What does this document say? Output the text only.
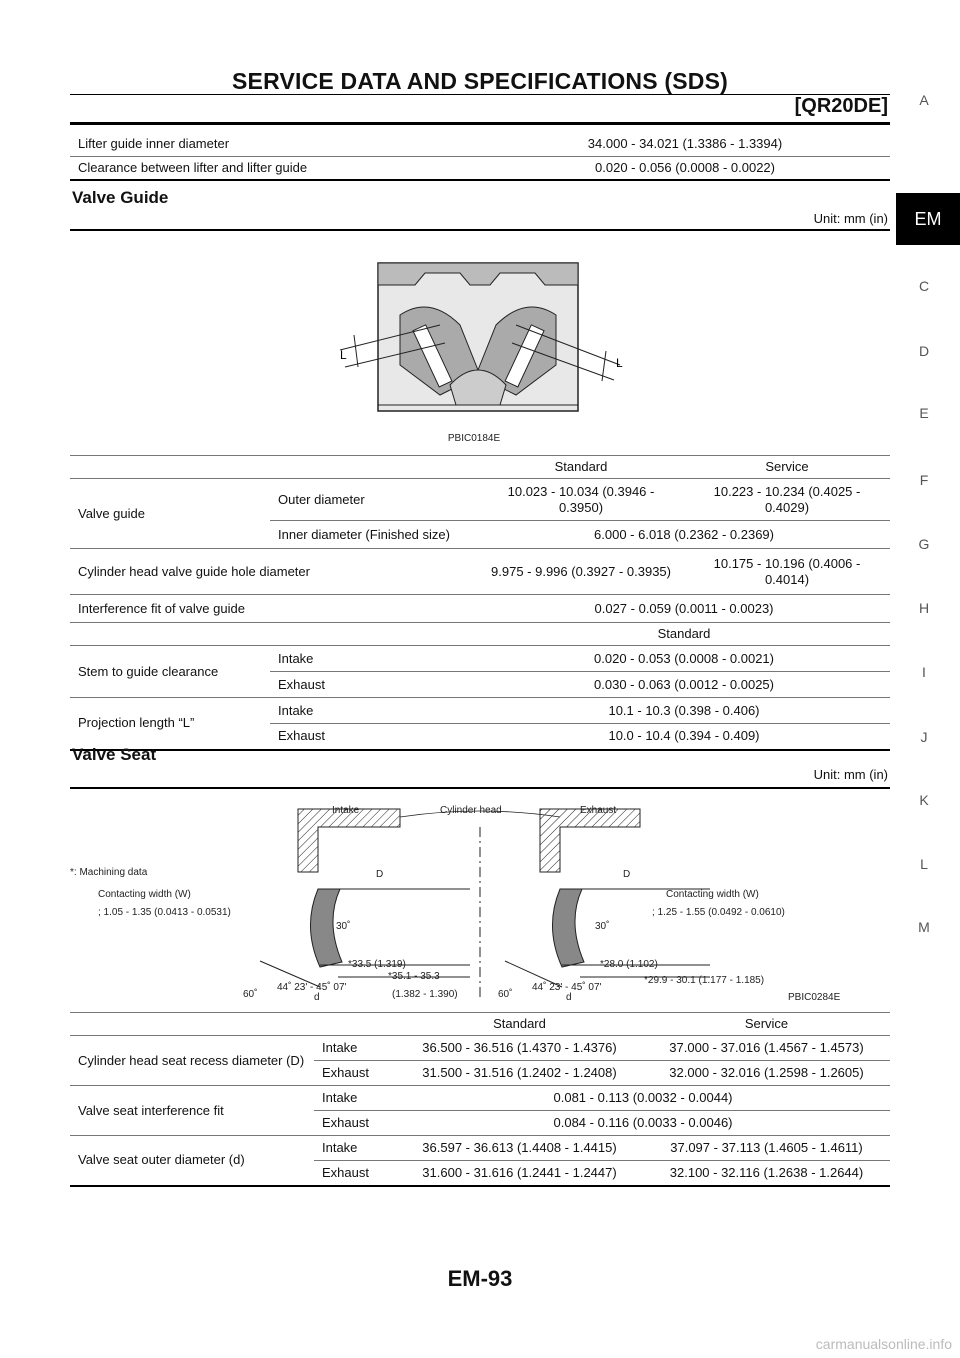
SERVICE DATA AND SPECIFICATIONS (SDS)
[QR20DE]	A
EM
C
D
E
F
G
H
I
J
K
L
M
Lifter guide inner diameter	34.000 - 34.021 (1.3386 - 1.3394)
Clearance between lifter and lifter guide	0.020 - 0.056 (0.0008 - 0.0022)
Valve Guide
Unit: mm (in)
L
L
PBIC0184E
		Standard	Service
Valve guide	Outer diameter	10.023 - 10.034 (0.3946 - 0.3950)	10.223 - 10.234 (0.4025 - 0.4029)
	Inner diameter (Finished size)	6.000 - 6.018 (0.2362 - 0.2369)	
Cylinder head valve guide hole diameter		9.975 - 9.996 (0.3927 - 0.3935)	10.175 - 10.196 (0.4006 - 0.4014)
Interference fit of valve guide		0.027 - 0.059 (0.0011 - 0.0023)	
		Standard	
Stem to guide clearance	Intake	0.020 - 0.053 (0.0008 - 0.0021)	
	Exhaust	0.030 - 0.063 (0.0012 - 0.0025)	
Projection length “L”	Intake	10.1 - 10.3 (0.398 - 0.406)	
	Exhaust	10.0 - 10.4 (0.394 - 0.409)	
Valve Seat
Unit: mm (in)
Intake	Cylinder head	Exhaust
*: Machining data
Contacting width (W)
; 1.05 - 1.35 (0.0413 - 0.0531)
Contacting width (W)
; 1.25 - 1.55 (0.0492 - 0.0610)
D	D
30˚	30˚
*33.5 (1.319)
*35.1 - 35.3
(1.382 - 1.390)
60˚
44˚ 23' - 45˚ 07'
d
*28.0 (1.102)
*29.9 - 30.1 (1.177 - 1.185)
60˚
44˚ 23' - 45˚ 07'
d	PBIC0284E
		Standard	Service
Cylinder head seat recess diameter (D)	Intake	36.500 - 36.516 (1.4370 - 1.4376)	37.000 - 37.016 (1.4567 - 1.4573)
	Exhaust	31.500 - 31.516 (1.2402 - 1.2408)	32.000 - 32.016 (1.2598 - 1.2605)
Valve seat interference fit	Intake	0.081 - 0.113 (0.0032 - 0.0044)	
	Exhaust	0.084 - 0.116 (0.0033 - 0.0046)	
Valve seat outer diameter (d)	Intake	36.597 - 36.613 (1.4408 - 1.4415)	37.097 - 37.113 (1.4605 - 1.4611)
	Exhaust	31.600 - 31.616 (1.2441 - 1.2447)	32.100 - 32.116 (1.2638 - 1.2644)
EM-93
carmanualsonline.info
